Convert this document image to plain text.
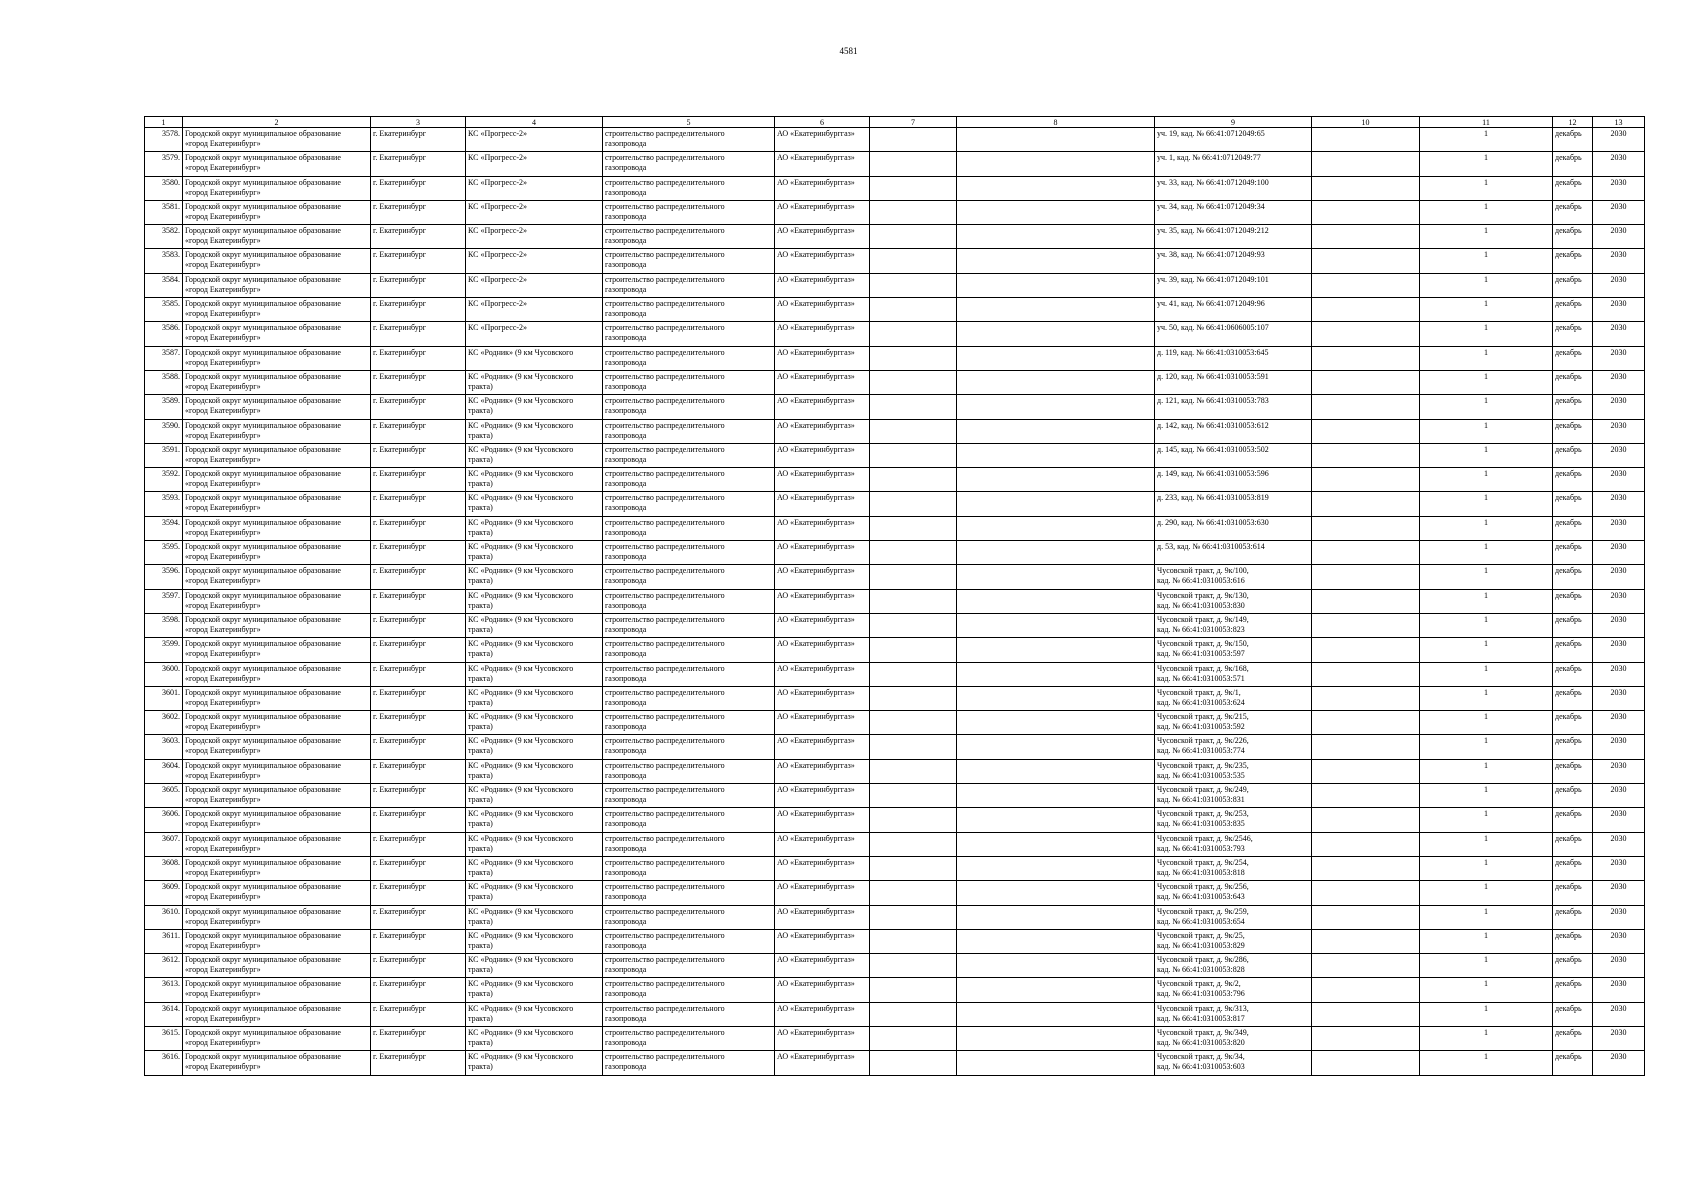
4581
1	2	3	4	5	6	7	8	9	10	11	12	13

3578.	Городской округ муниципальное образование
«город Екатеринбург»	г. Екатеринбург	КС «Прогресс-2»	строительство распределительного
газопровода	АО «Екатеринбурггаз»			уч. 19, кад. № 66:41:0712049:65		1	декабрь	2030

3579.	Городской округ муниципальное образование
«город Екатеринбург»	г. Екатеринбург	КС «Прогресс-2»	строительство распределительного
газопровода	АО «Екатеринбурггаз»			уч. 1, кад. № 66:41:0712049:77		1	декабрь	2030

3580.	Городской округ муниципальное образование
«город Екатеринбург»	г. Екатеринбург	КС «Прогресс-2»	строительство распределительного
газопровода	АО «Екатеринбурггаз»			уч. 33, кад. № 66:41:0712049:100		1	декабрь	2030

3581.	Городской округ муниципальное образование
«город Екатеринбург»	г. Екатеринбург	КС «Прогресс-2»	строительство распределительного
газопровода	АО «Екатеринбурггаз»			уч. 34, кад. № 66:41:0712049:34		1	декабрь	2030

3582.	Городской округ муниципальное образование
«город Екатеринбург»	г. Екатеринбург	КС «Прогресс-2»	строительство распределительного
газопровода	АО «Екатеринбурггаз»			уч. 35, кад. № 66:41:0712049:212		1	декабрь	2030

3583.	Городской округ муниципальное образование
«город Екатеринбург»	г. Екатеринбург	КС «Прогресс-2»	строительство распределительного
газопровода	АО «Екатеринбурггаз»			уч. 38, кад. № 66:41:0712049:93		1	декабрь	2030

3584.	Городской округ муниципальное образование
«город Екатеринбург»	г. Екатеринбург	КС «Прогресс-2»	строительство распределительного
газопровода	АО «Екатеринбурггаз»			уч. 39, кад. № 66:41:0712049:101		1	декабрь	2030

3585.	Городской округ муниципальное образование
«город Екатеринбург»	г. Екатеринбург	КС «Прогресс-2»	строительство распределительного
газопровода	АО «Екатеринбурггаз»			уч. 41, кад. № 66:41:0712049:96		1	декабрь	2030

3586.	Городской округ муниципальное образование
«город Екатеринбург»	г. Екатеринбург	КС «Прогресс-2»	строительство распределительного
газопровода	АО «Екатеринбурггаз»			уч. 50, кад. № 66:41:0606005:107		1	декабрь	2030

3587.	Городской округ муниципальное образование
«город Екатеринбург»	г. Екатеринбург	КС «Родник» (9 км Чусовского	строительство распределительного
газопровода	АО «Екатеринбурггаз»			д. 119, кад. № 66:41:0310053:645		1	декабрь	2030

3588.	Городской округ муниципальное образование
«город Екатеринбург»	г. Екатеринбург	КС «Родник» (9 км Чусовского
тракта)	строительство распределительного
газопровода	АО «Екатеринбурггаз»			д. 120, кад. № 66:41:0310053:591		1	декабрь	2030

3589.	Городской округ муниципальное образование
«город Екатеринбург»	г. Екатеринбург	КС «Родник» (9 км Чусовского
тракта)	строительство распределительного
газопровода	АО «Екатеринбурггаз»			д. 121, кад. № 66:41:0310053:783		1	декабрь	2030

3590.	Городской округ муниципальное образование
«город Екатеринбург»	г. Екатеринбург	КС «Родник» (9 км Чусовского
тракта)	строительство распределительного
газопровода	АО «Екатеринбурггаз»			д. 142, кад. № 66:41:0310053:612		1	декабрь	2030

3591.	Городской округ муниципальное образование
«город Екатеринбург»	г. Екатеринбург	КС «Родник» (9 км Чусовского
тракта)	строительство распределительного
газопровода	АО «Екатеринбурггаз»			д. 145, кад. № 66:41:0310053:502		1	декабрь	2030

3592.	Городской округ муниципальное образование
«город Екатеринбург»	г. Екатеринбург	КС «Родник» (9 км Чусовского
тракта)	строительство распределительного
газопровода	АО «Екатеринбурггаз»			д. 149, кад. № 66:41:0310053:596		1	декабрь	2030

3593.	Городской округ муниципальное образование
«город Екатеринбург»	г. Екатеринбург	КС «Родник» (9 км Чусовского
тракта)	строительство распределительного
газопровода	АО «Екатеринбурггаз»			д. 233, кад. № 66:41:0310053:819		1	декабрь	2030

3594.	Городской округ муниципальное образование
«город Екатеринбург»	г. Екатеринбург	КС «Родник» (9 км Чусовского
тракта)	строительство распределительного
газопровода	АО «Екатеринбурггаз»			д. 290, кад. № 66:41:0310053:630		1	декабрь	2030

3595.	Городской округ муниципальное образование
«город Екатеринбург»	г. Екатеринбург	КС «Родник» (9 км Чусовского
тракта)	строительство распределительного
газопровода	АО «Екатеринбурггаз»			д. 53, кад. № 66:41:0310053:614		1	декабрь	2030

3596.	Городской округ муниципальное образование
«город Екатеринбург»	г. Екатеринбург	КС «Родник» (9 км Чусовского
тракта)	строительство распределительного
газопровода	АО «Екатеринбурггаз»			Чусовской тракт, д. 9к/100,
кад. № 66:41:0310053:616		1	декабрь	2030

3597.	Городской округ муниципальное образование
«город Екатеринбург»	г. Екатеринбург	КС «Родник» (9 км Чусовского
тракта)	строительство распределительного
газопровода	АО «Екатеринбурггаз»			Чусовской тракт, д. 9к/130,
кад. № 66:41:0310053:830		1	декабрь	2030

3598.	Городской округ муниципальное образование
«город Екатеринбург»	г. Екатеринбург	КС «Родник» (9 км Чусовского
тракта)	строительство распределительного
газопровода	АО «Екатеринбурггаз»			Чусовской тракт, д. 9к/149,
кад. № 66:41:0310053:823		1	декабрь	2030

3599.	Городской округ муниципальное образование
«город Екатеринбург»	г. Екатеринбург	КС «Родник» (9 км Чусовского
тракта)	строительство распределительного
газопровода	АО «Екатеринбурггаз»			Чусовской тракт, д. 9к/150,
кад. № 66:41:0310053:597		1	декабрь	2030

3600.	Городской округ муниципальное образование
«город Екатеринбург»	г. Екатеринбург	КС «Родник» (9 км Чусовского
тракта)	строительство распределительного
газопровода	АО «Екатеринбурггаз»			Чусовской тракт, д. 9к/168,
кад. № 66:41:0310053:571		1	декабрь	2030

3601.	Городской округ муниципальное образование
«город Екатеринбург»	г. Екатеринбург	КС «Родник» (9 км Чусовского
тракта)	строительство распределительного
газопровода	АО «Екатеринбурггаз»			Чусовской тракт, д. 9к/1,
кад. № 66:41:0310053:624		1	декабрь	2030

3602.	Городской округ муниципальное образование
«город Екатеринбург»	г. Екатеринбург	КС «Родник» (9 км Чусовского
тракта)	строительство распределительного
газопровода	АО «Екатеринбурггаз»			Чусовской тракт, д. 9к/215,
кад. № 66:41:0310053:592		1	декабрь	2030

3603.	Городской округ муниципальное образование
«город Екатеринбург»	г. Екатеринбург	КС «Родник» (9 км Чусовского
тракта)	строительство распределительного
газопровода	АО «Екатеринбурггаз»			Чусовской тракт, д. 9к/226,
кад. № 66:41:0310053:774		1	декабрь	2030

3604.	Городской округ муниципальное образование
«город Екатеринбург»	г. Екатеринбург	КС «Родник» (9 км Чусовского
тракта)	строительство распределительного
газопровода	АО «Екатеринбурггаз»			Чусовской тракт, д. 9к/235,
кад. № 66:41:0310053:535		1	декабрь	2030

3605.	Городской округ муниципальное образование
«город Екатеринбург»	г. Екатеринбург	КС «Родник» (9 км Чусовского
тракта)	строительство распределительного
газопровода	АО «Екатеринбурггаз»			Чусовской тракт, д. 9к/249,
кад. № 66:41:0310053:831		1	декабрь	2030

3606.	Городской округ муниципальное образование
«город Екатеринбург»	г. Екатеринбург	КС «Родник» (9 км Чусовского
тракта)	строительство распределительного
газопровода	АО «Екатеринбурггаз»			Чусовской тракт, д. 9к/253,
кад. № 66:41:0310053:835		1	декабрь	2030

3607.	Городской округ муниципальное образование
«город Екатеринбург»	г. Екатеринбург	КС «Родник» (9 км Чусовского
тракта)	строительство распределительного
газопровода	АО «Екатеринбурггаз»			Чусовской тракт, д. 9к/2546,
кад. № 66:41:0310053:793		1	декабрь	2030

3608.	Городской округ муниципальное образование
«город Екатеринбург»	г. Екатеринбург	КС «Родник» (9 км Чусовского
тракта)	строительство распределительного
газопровода	АО «Екатеринбурггаз»			Чусовской тракт, д. 9к/254,
кад. № 66:41:0310053:818		1	декабрь	2030

3609.	Городской округ муниципальное образование
«город Екатеринбург»	г. Екатеринбург	КС «Родник» (9 км Чусовского
тракта)	строительство распределительного
газопровода	АО «Екатеринбурггаз»			Чусовской тракт, д. 9к/256,
кад. № 66:41:0310053:643		1	декабрь	2030

3610.	Городской округ муниципальное образование
«город Екатеринбург»	г. Екатеринбург	КС «Родник» (9 км Чусовского
тракта)	строительство распределительного
газопровода	АО «Екатеринбурггаз»			Чусовской тракт, д. 9к/259,
кад. № 66:41:0310053:654		1	декабрь	2030

3611.	Городской округ муниципальное образование
«город Екатеринбург»	г. Екатеринбург	КС «Родник» (9 км Чусовского
тракта)	строительство распределительного
газопровода	АО «Екатеринбурггаз»			Чусовской тракт, д. 9к/25,
кад. № 66:41:0310053:829		1	декабрь	2030

3612.	Городской округ муниципальное образование
«город Екатеринбург»	г. Екатеринбург	КС «Родник» (9 км Чусовского
тракта)	строительство распределительного
газопровода	АО «Екатеринбурггаз»			Чусовской тракт, д. 9к/286,
кад. № 66:41:0310053:828		1	декабрь	2030

3613.	Городской округ муниципальное образование
«город Екатеринбург»	г. Екатеринбург	КС «Родник» (9 км Чусовского
тракта)	строительство распределительного
газопровода	АО «Екатеринбурггаз»			Чусовской тракт, д. 9к/2,
кад. № 66:41:0310053:796		1	декабрь	2030

3614.	Городской округ муниципальное образование
«город Екатеринбург»	г. Екатеринбург	КС «Родник» (9 км Чусовского
тракта)	строительство распределительного
газопровода	АО «Екатеринбурггаз»			Чусовской тракт, д. 9к/313,
кад. № 66:41:0310053:817		1	декабрь	2030

3615.	Городской округ муниципальное образование
«город Екатеринбург»	г. Екатеринбург	КС «Родник» (9 км Чусовского
тракта)	строительство распределительного
газопровода	АО «Екатеринбурггаз»			Чусовской тракт, д. 9к/349,
кад. № 66:41:0310053:820		1	декабрь	2030

3616.	Городской округ муниципальное образование
«город Екатеринбург»	г. Екатеринбург	КС «Родник» (9 км Чусовского
тракта)	строительство распределительного
газопровода	АО «Екатеринбурггаз»			Чусовской тракт, д. 9к/34,
кад. № 66:41:0310053:603		1	декабрь	2030
